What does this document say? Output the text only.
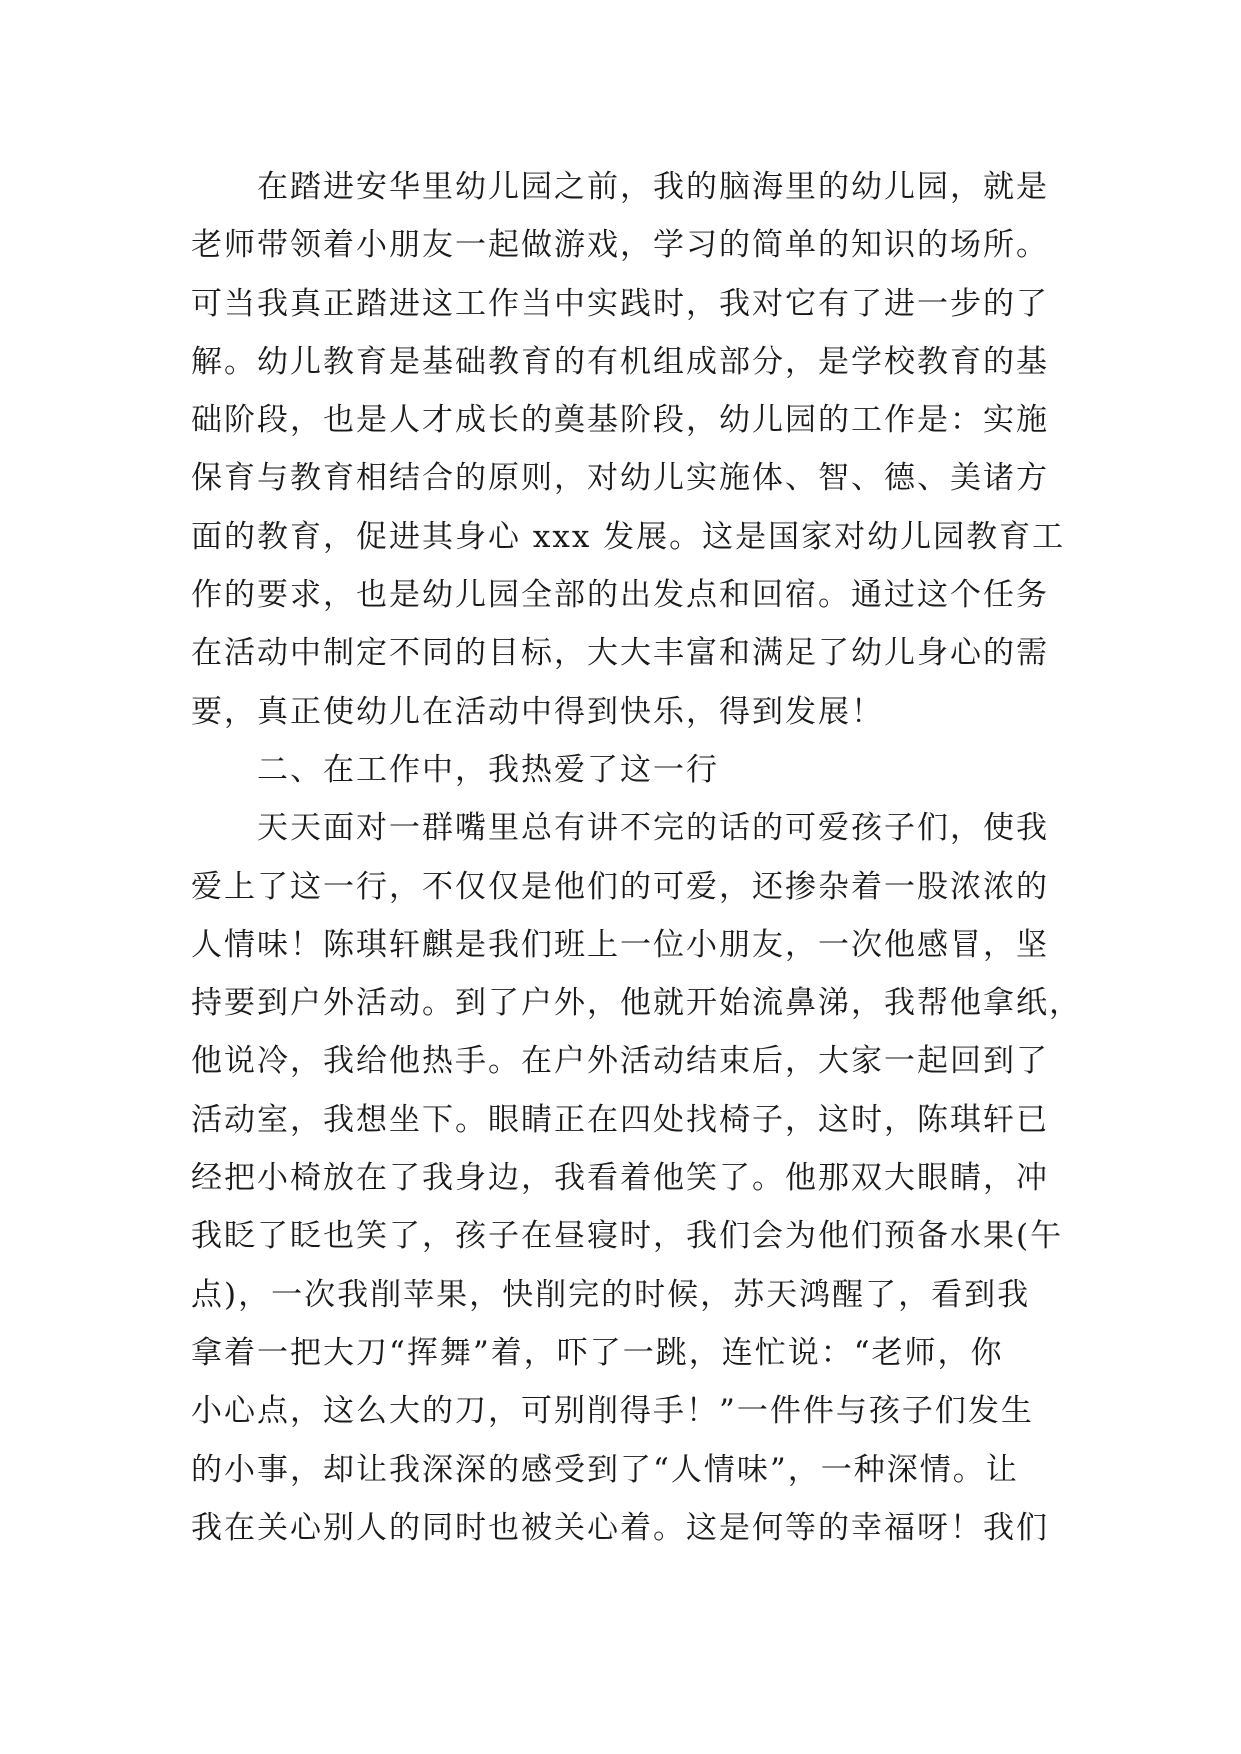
在踏进安华里幼儿园之前，我的脑海里的幼儿园，就是
老师带领着小朋友一起做游戏，学习的简单的知识的场所。
可当我真正踏进这工作当中实践时，我对它有了进一步的了
解。幼儿教育是基础教育的有机组成部分，是学校教育的基
础阶段，也是人才成长的奠基阶段，幼儿园的工作是：实施
保育与教育相结合的原则，对幼儿实施体、智、德、美诸方
面的教育，促进其身心 xxx 发展。这是国家对幼儿园教育工
作的要求，也是幼儿园全部的出发点和回宿。通过这个任务
在活动中制定不同的目标，大大丰富和满足了幼儿身心的需
要，真正使幼儿在活动中得到快乐，得到发展！
二、在工作中，我热爱了这一行
天天面对一群嘴里总有讲不完的话的可爱孩子们，使我
爱上了这一行，不仅仅是他们的可爱，还掺杂着一股浓浓的
人情味！陈琪轩麒是我们班上一位小朋友，一次他感冒，坚
持要到户外活动。到了户外，他就开始流鼻涕，我帮他拿纸，
他说冷，我给他热手。在户外活动结束后，大家一起回到了
活动室，我想坐下。眼睛正在四处找椅子，这时，陈琪轩已
经把小椅放在了我身边，我看着他笑了。他那双大眼睛，冲
我眨了眨也笑了，孩子在昼寝时，我们会为他们预备水果(午
点)，一次我削苹果，快削完的时候，苏天鸿醒了，看到我
拿着一把大刀“挥舞”着，吓了一跳，连忙说：“老师，你
小心点，这么大的刀，可别削得手！”一件件与孩子们发生
的小事，却让我深深的感受到了“人情味”，一种深情。让
我在关心别人的同时也被关心着。这是何等的幸福呀！我们
